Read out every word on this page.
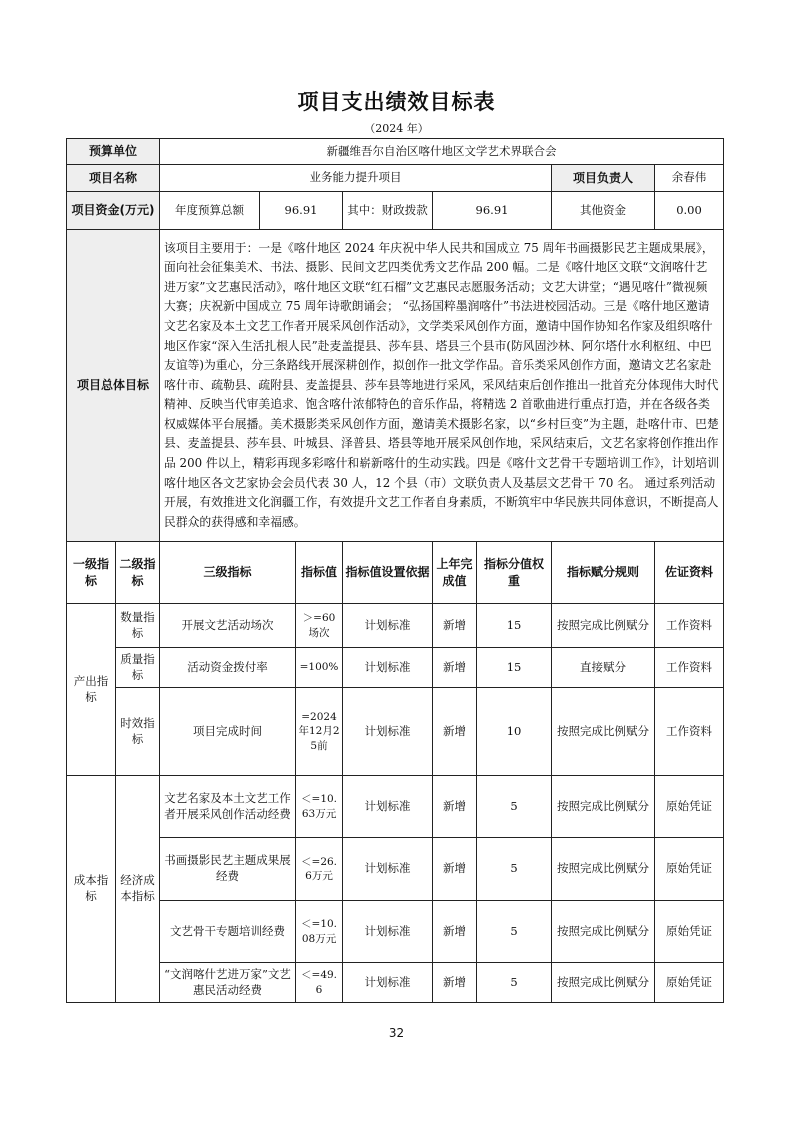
项目支出绩效目标表
（2024 年）
预算单位		新疆维吾尔自治区喀什地区文学艺术界联合会							
项目名称		业务能力提升项目						项目负责人	余春伟
项目资金(万元)		年度预算总额	96.91		其中：财政拨款	96.91		其他资金	0.00
项目总体目标		该项目主要用于：一是《喀什地区 2024 年庆祝中华人民共和国成立 75 周年书画摄影民艺主题成果展》，面向社会征集美术、书法、摄影、民间文艺四类优秀文艺作品 200 幅。二是《喀什地区文联“文润喀什艺进万家”文艺惠民活动》，喀什地区文联“红石榴”文艺惠民志愿服务活动；文艺大讲堂；“遇见喀什”微视频大赛；庆祝新中国成立 75 周年诗歌朗诵会； “弘扬国粹墨润喀什”书法进校园活动。三是《喀什地区邀请文艺名家及本土文艺工作者开展采风创作活动》，文学类采风创作方面，邀请中国作协知名作家及组织喀什地区作家“深入生活扎根人民”赴麦盖提县、莎车县、塔县三个县市(防风固沙林、阿尔塔什水利枢纽、中巴友谊等)为重心，分三条路线开展深耕创作，拟创作一批文学作品。音乐类采风创作方面，邀请文艺名家赴喀什市、疏勒县、疏附县、麦盖提县、莎车县等地进行采风，采风结束后创作推出一批首充分体现伟大时代精神、反映当代审美追求、饱含喀什浓郁特色的音乐作品，将精选 2 首歌曲进行重点打造，并在各级各类权威媒体平台展播。美术摄影类采风创作方面，邀请美术摄影名家，以“乡村巨变”为主题，赴喀什市、巴楚县、麦盖提县、莎车县、叶城县、泽普县、塔县等地开展采风创作地，采风结束后，文艺名家将创作推出作品 200 件以上，精彩再现多彩喀什和崭新喀什的生动实践。四是《喀什文艺骨干专题培训工作》，计划培训喀什地区各文艺家协会会员代表 30 人，12 个县（市）文联负责人及基层文艺骨干 70 名。 通过系列活动开展，有效推进文化润疆工作，有效提升文艺工作者自身素质，不断筑牢中华民族共同体意识，不断提高人民群众的获得感和幸福感。							
一级指标	二级指标	三级指标		指标值	指标值设置依据	上年完成值	指标分值权重	指标赋分规则	佐证资料
产出指标	数量指标	开展文艺活动场次		＞=60场次	计划标准	新增	15	按照完成比例赋分	工作资料
	质量指标	活动资金拨付率		=100%	计划标准	新增	15	直接赋分	工作资料
	时效指标	项目完成时间		=2024年12月25前	计划标准	新增	10	按照完成比例赋分	工作资料
成本指标	经济成本指标	文艺名家及本土文艺工作者开展采风创作活动经费		＜=10.63万元	计划标准	新增	5	按照完成比例赋分	原始凭证
		书画摄影民艺主题成果展经费		＜=26.6万元	计划标准	新增	5	按照完成比例赋分	原始凭证
		文艺骨干专题培训经费		＜=10.08万元	计划标准	新增	5	按照完成比例赋分	原始凭证
		“文润喀什艺进万家”文艺惠民活动经费		＜=49.6	计划标准	新增	5	按照完成比例赋分	原始凭证
32
